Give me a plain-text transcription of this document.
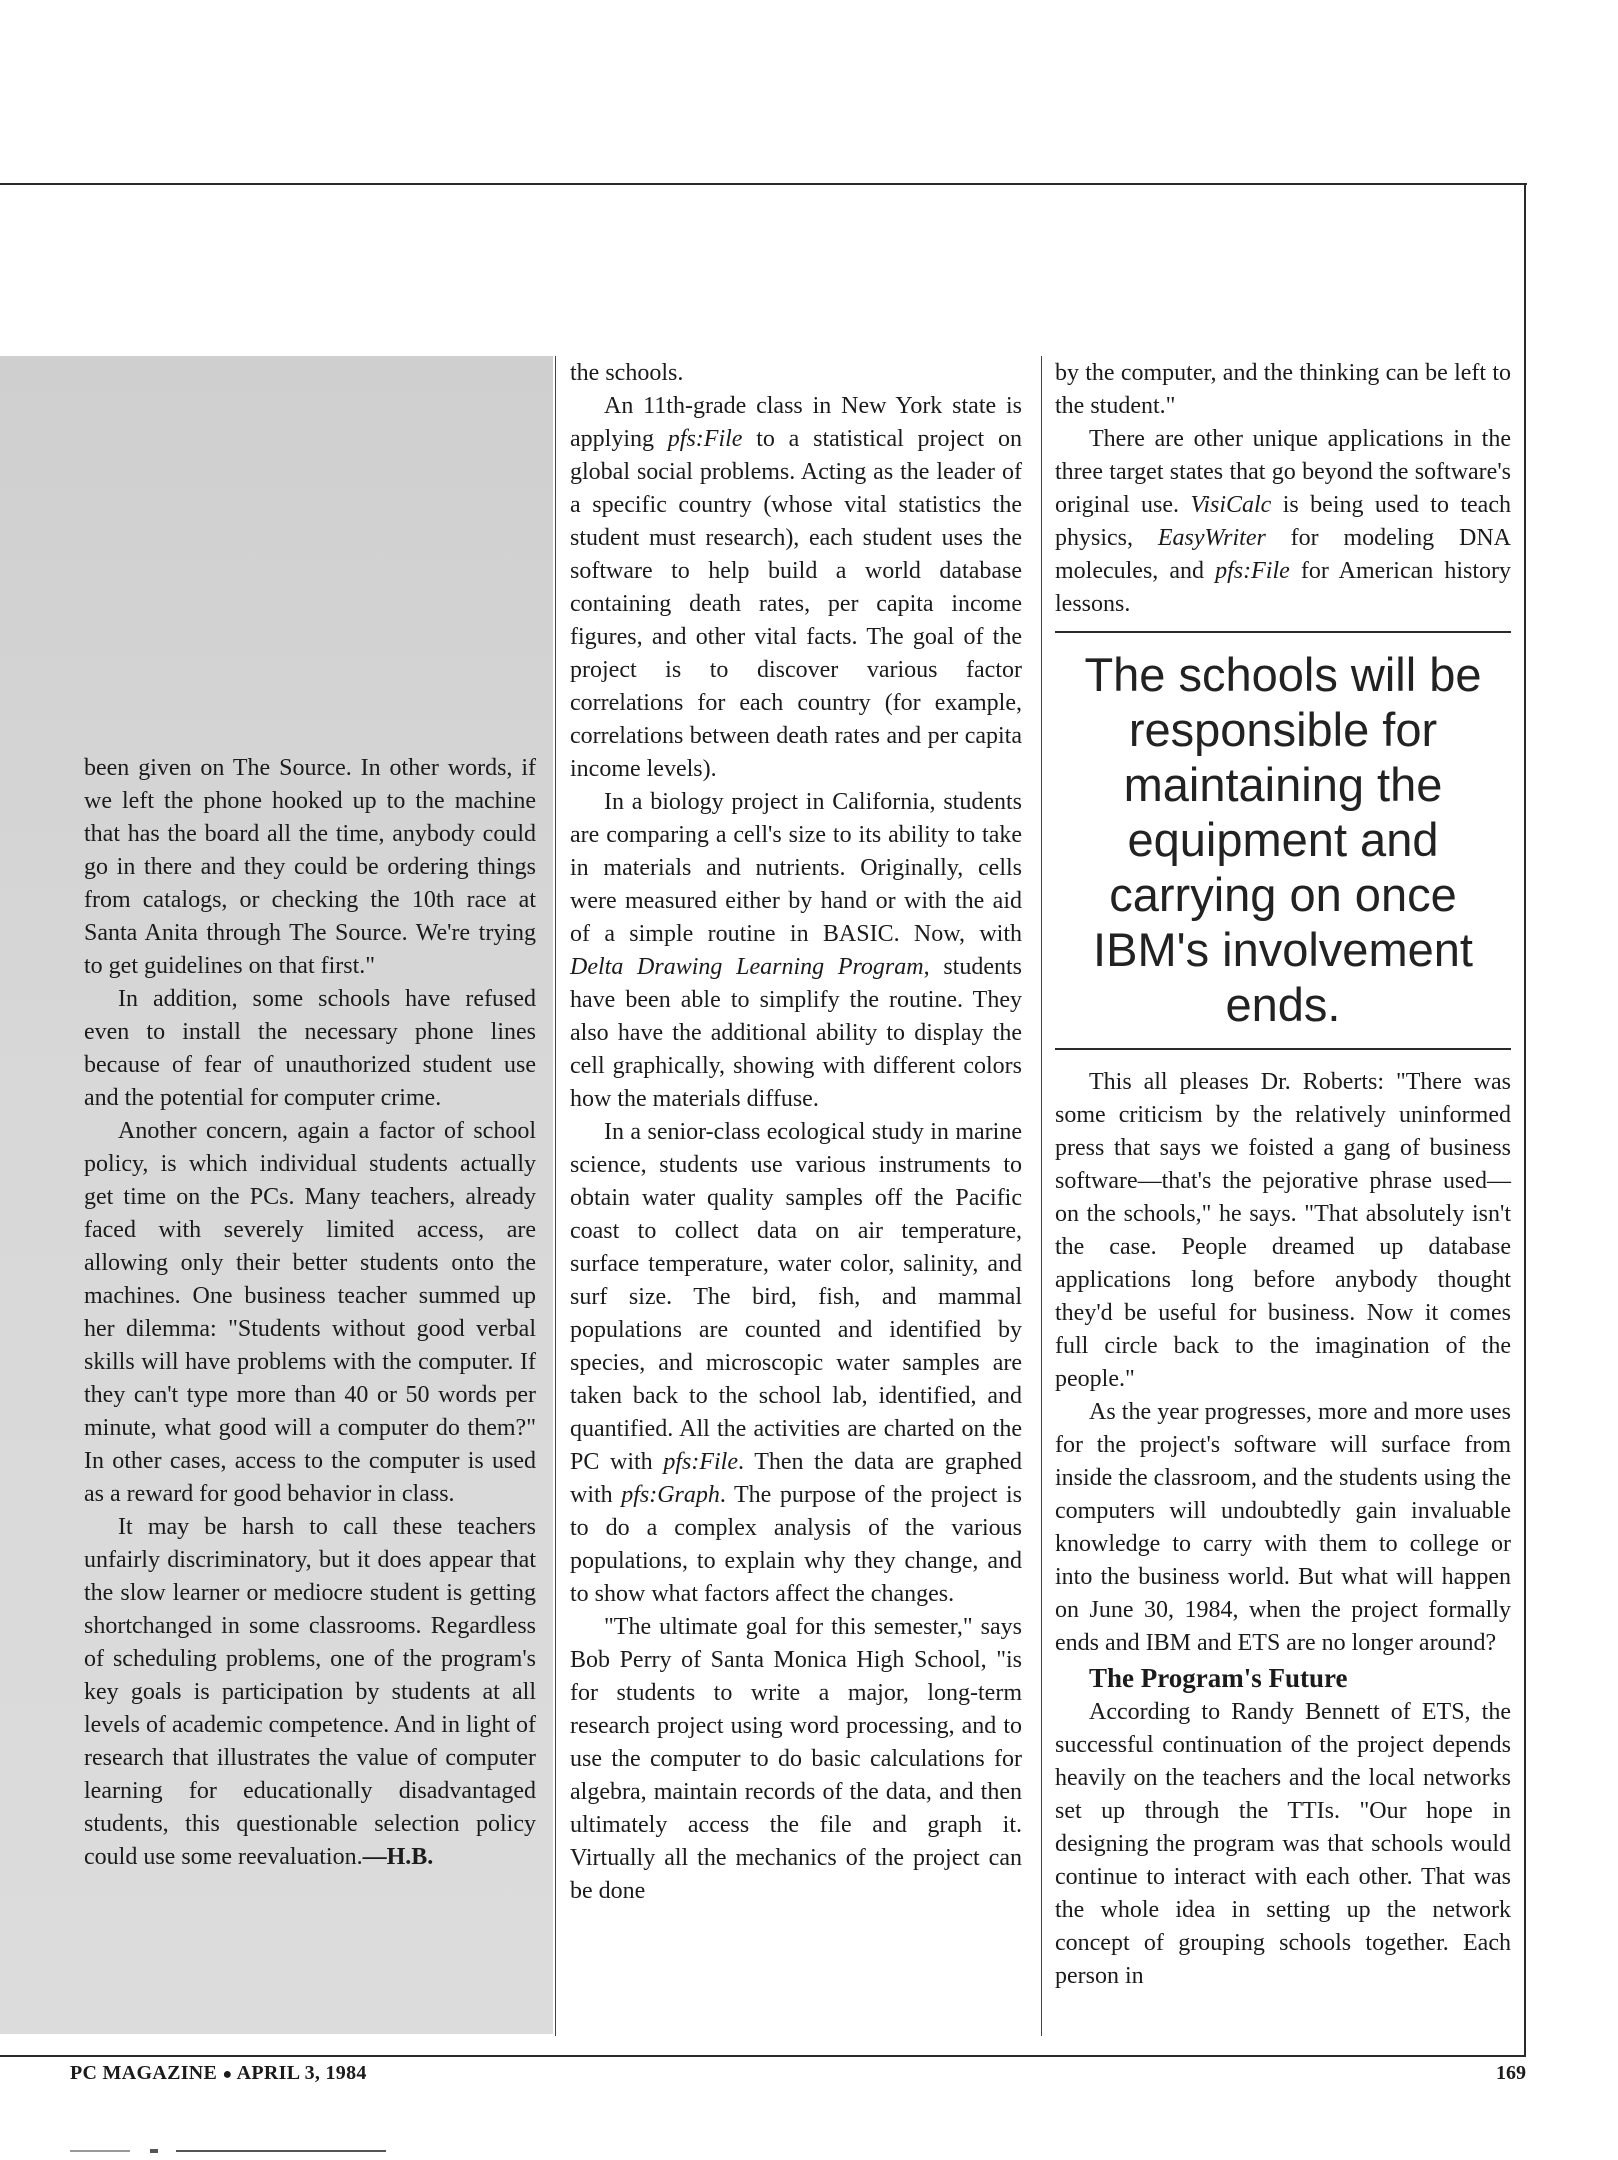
been given on The Source. In other words, if we left the phone hooked up to the machine that has the board all the time, anybody could go in there and they could be ordering things from catalogs, or checking the 10th race at Santa Anita through The Source. We're trying to get guidelines on that first."

In addition, some schools have refused even to install the necessary phone lines because of fear of unauthorized student use and the potential for computer crime.

Another concern, again a factor of school policy, is which individual students actually get time on the PCs. Many teachers, already faced with severely limited access, are allowing only their better students onto the machines. One business teacher summed up her dilemma: "Students without good verbal skills will have problems with the computer. If they can't type more than 40 or 50 words per minute, what good will a computer do them?" In other cases, access to the computer is used as a reward for good behavior in class.

It may be harsh to call these teachers unfairly discriminatory, but it does appear that the slow learner or mediocre student is getting shortchanged in some classrooms. Regardless of scheduling problems, one of the program's key goals is participation by students at all levels of academic competence. And in light of research that illustrates the value of computer learning for educationally disadvantaged students, this questionable selection policy could use some reevaluation.—H.B.

the schools.

An 11th-grade class in New York state is applying pfs:File to a statistical project on global social problems. Acting as the leader of a specific country (whose vital statistics the student must research), each student uses the software to help build a world database containing death rates, per capita income figures, and other vital facts. The goal of the project is to discover various factor correlations for each country (for example, correlations between death rates and per capita income levels).

In a biology project in California, students are comparing a cell's size to its ability to take in materials and nutrients. Originally, cells were measured either by hand or with the aid of a simple routine in BASIC. Now, with Delta Drawing Learning Program, students have been able to simplify the routine. They also have the additional ability to display the cell graphically, showing with different colors how the materials diffuse.

In a senior-class ecological study in marine science, students use various instruments to obtain water quality samples off the Pacific coast to collect data on air temperature, surface temperature, water color, salinity, and surf size. The bird, fish, and mammal populations are counted and identified by species, and microscopic water samples are taken back to the school lab, identified, and quantified. All the activities are charted on the PC with pfs:File. Then the data are graphed with pfs:Graph. The purpose of the project is to do a complex analysis of the various populations, to explain why they change, and to show what factors affect the changes.

"The ultimate goal for this semester," says Bob Perry of Santa Monica High School, "is for students to write a major, long-term research project using word processing, and to use the computer to do basic calculations for algebra, maintain records of the data, and then ultimately access the file and graph it. Virtually all the mechanics of the project can be done

by the computer, and the thinking can be left to the student."

There are other unique applications in the three target states that go beyond the software's original use. VisiCalc is being used to teach physics, EasyWriter for modeling DNA molecules, and pfs:File for American history lessons.

The schools will be responsible for maintaining the equipment and carrying on once IBM's involvement ends.

This all pleases Dr. Roberts: "There was some criticism by the relatively uninformed press that says we foisted a gang of business software—that's the pejorative phrase used—on the schools," he says. "That absolutely isn't the case. People dreamed up database applications long before anybody thought they'd be useful for business. Now it comes full circle back to the imagination of the people."

As the year progresses, more and more uses for the project's software will surface from inside the classroom, and the students using the computers will undoubtedly gain invaluable knowledge to carry with them to college or into the business world. But what will happen on June 30, 1984, when the project formally ends and IBM and ETS are no longer around?

The Program's Future

According to Randy Bennett of ETS, the successful continuation of the project depends heavily on the teachers and the local networks set up through the TTIs. "Our hope in designing the program was that schools would continue to interact with each other. That was the whole idea in setting up the network concept of grouping schools together. Each person in

PC MAGAZINE ● APRIL 3, 1984	169
